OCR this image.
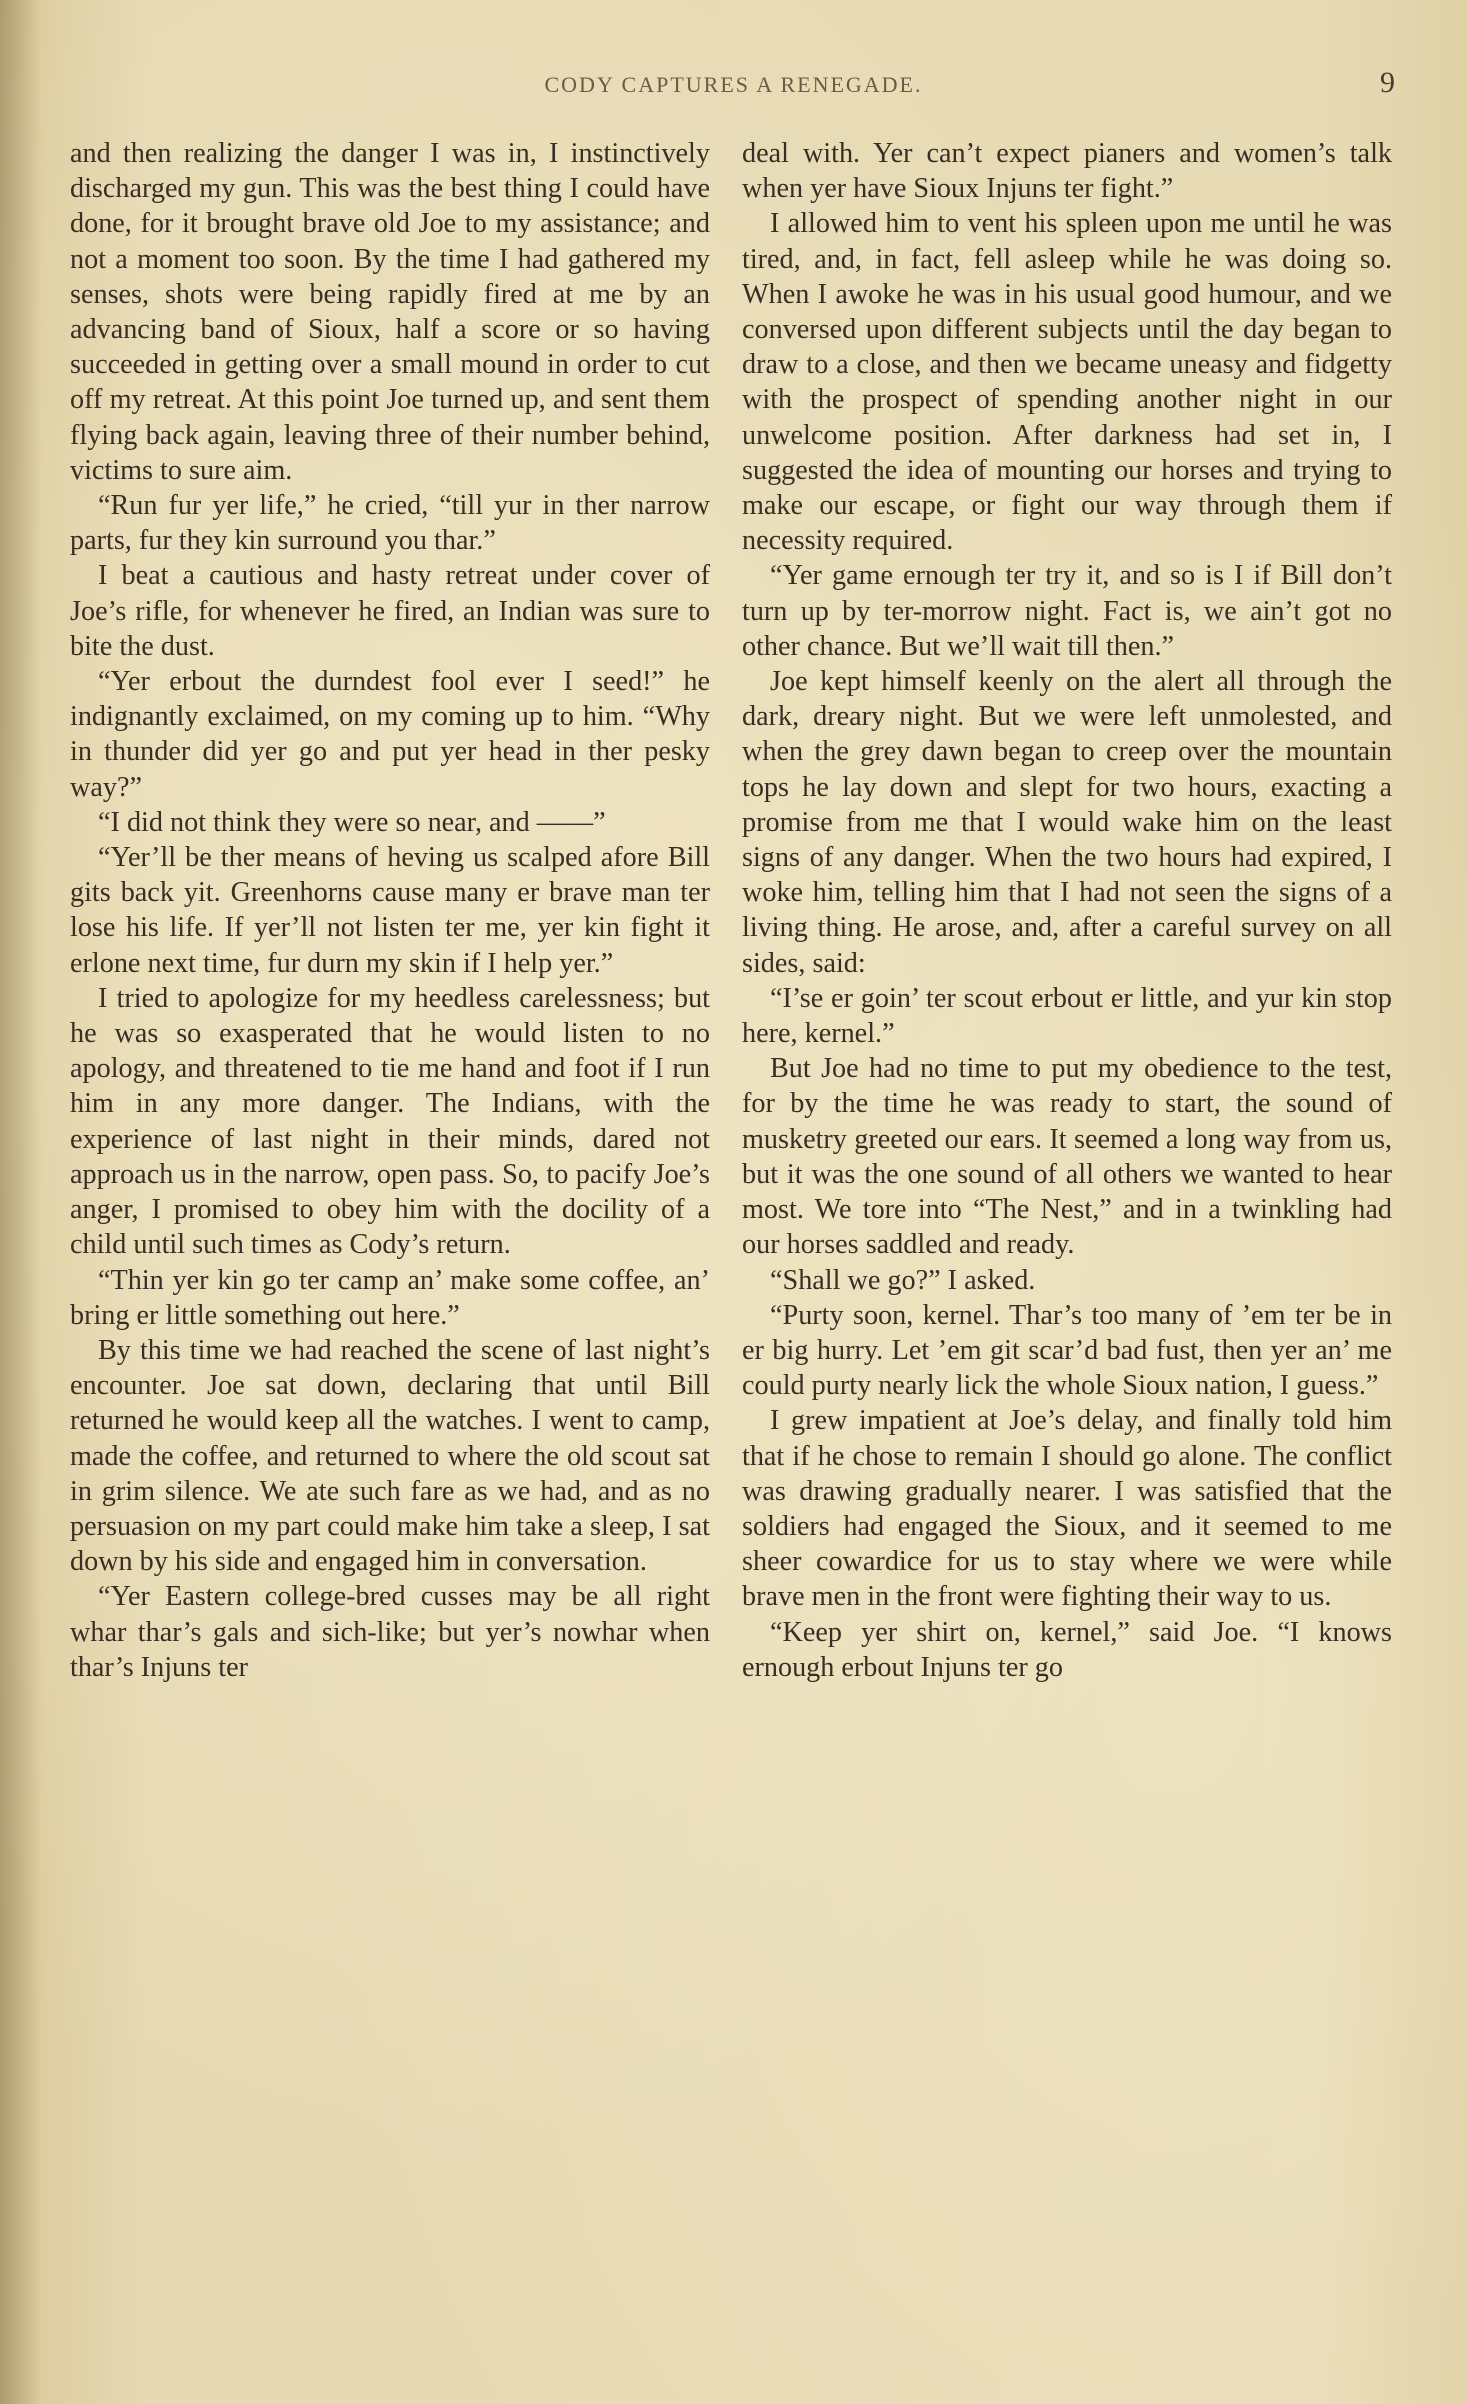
CODY CAPTURES A RENEGADE.	9

and then realizing the danger I was in, I instinctively discharged my gun. This was the best thing I could have done, for it brought brave old Joe to my assistance; and not a moment too soon. By the time I had gathered my senses, shots were being rapidly fired at me by an advancing band of Sioux, half a score or so having succeeded in getting over a small mound in order to cut off my retreat. At this point Joe turned up, and sent them flying back again, leaving three of their number behind, victims to sure aim.

“Run fur yer life,” he cried, “till yur in ther narrow parts, fur they kin surround you thar.”

I beat a cautious and hasty retreat under cover of Joe’s rifle, for whenever he fired, an Indian was sure to bite the dust.

“Yer erbout the durndest fool ever I seed!” he indignantly exclaimed, on my coming up to him. “Why in thunder did yer go and put yer head in ther pesky way?”

“I did not think they were so near, and ——”

“Yer’ll be ther means of heving us scalped afore Bill gits back yit. Greenhorns cause many er brave man ter lose his life. If yer’ll not listen ter me, yer kin fight it erlone next time, fur durn my skin if I help yer.”

I tried to apologize for my heedless carelessness; but he was so exasperated that he would listen to no apology, and threatened to tie me hand and foot if I run him in any more danger. The Indians, with the experience of last night in their minds, dared not approach us in the narrow, open pass. So, to pacify Joe’s anger, I promised to obey him with the docility of a child until such times as Cody’s return.

“Thin yer kin go ter camp an’ make some coffee, an’ bring er little something out here.”

By this time we had reached the scene of last night’s encounter. Joe sat down, declaring that until Bill returned he would keep all the watches. I went to camp, made the coffee, and returned to where the old scout sat in grim silence. We ate such fare as we had, and as no persuasion on my part could make him take a sleep, I sat down by his side and engaged him in conversation.

“Yer Eastern college-bred cusses may be all right whar thar’s gals and sich-like; but yer’s nowhar when thar’s Injuns ter

deal with. Yer can’t expect pianers and women’s talk when yer have Sioux Injuns ter fight.”

I allowed him to vent his spleen upon me until he was tired, and, in fact, fell asleep while he was doing so. When I awoke he was in his usual good humour, and we conversed upon different subjects until the day began to draw to a close, and then we became uneasy and fidgetty with the prospect of spending another night in our unwelcome position. After darkness had set in, I suggested the idea of mounting our horses and trying to make our escape, or fight our way through them if necessity required.

“Yer game ernough ter try it, and so is I if Bill don’t turn up by ter-morrow night. Fact is, we ain’t got no other chance. But we’ll wait till then.”

Joe kept himself keenly on the alert all through the dark, dreary night. But we were left unmolested, and when the grey dawn began to creep over the mountain tops he lay down and slept for two hours, exacting a promise from me that I would wake him on the least signs of any danger. When the two hours had expired, I woke him, telling him that I had not seen the signs of a living thing. He arose, and, after a careful survey on all sides, said:

“I’se er goin’ ter scout erbout er little, and yur kin stop here, kernel.”

But Joe had no time to put my obedience to the test, for by the time he was ready to start, the sound of musketry greeted our ears. It seemed a long way from us, but it was the one sound of all others we wanted to hear most. We tore into “The Nest,” and in a twinkling had our horses saddled and ready.

“Shall we go?” I asked.

“Purty soon, kernel. Thar’s too many of ’em ter be in er big hurry. Let ’em git scar’d bad fust, then yer an’ me could purty nearly lick the whole Sioux nation, I guess.”

I grew impatient at Joe’s delay, and finally told him that if he chose to remain I should go alone. The conflict was drawing gradually nearer. I was satisfied that the soldiers had engaged the Sioux, and it seemed to me sheer cowardice for us to stay where we were while brave men in the front were fighting their way to us.

“Keep yer shirt on, kernel,” said Joe. “I knows ernough erbout Injuns ter go
